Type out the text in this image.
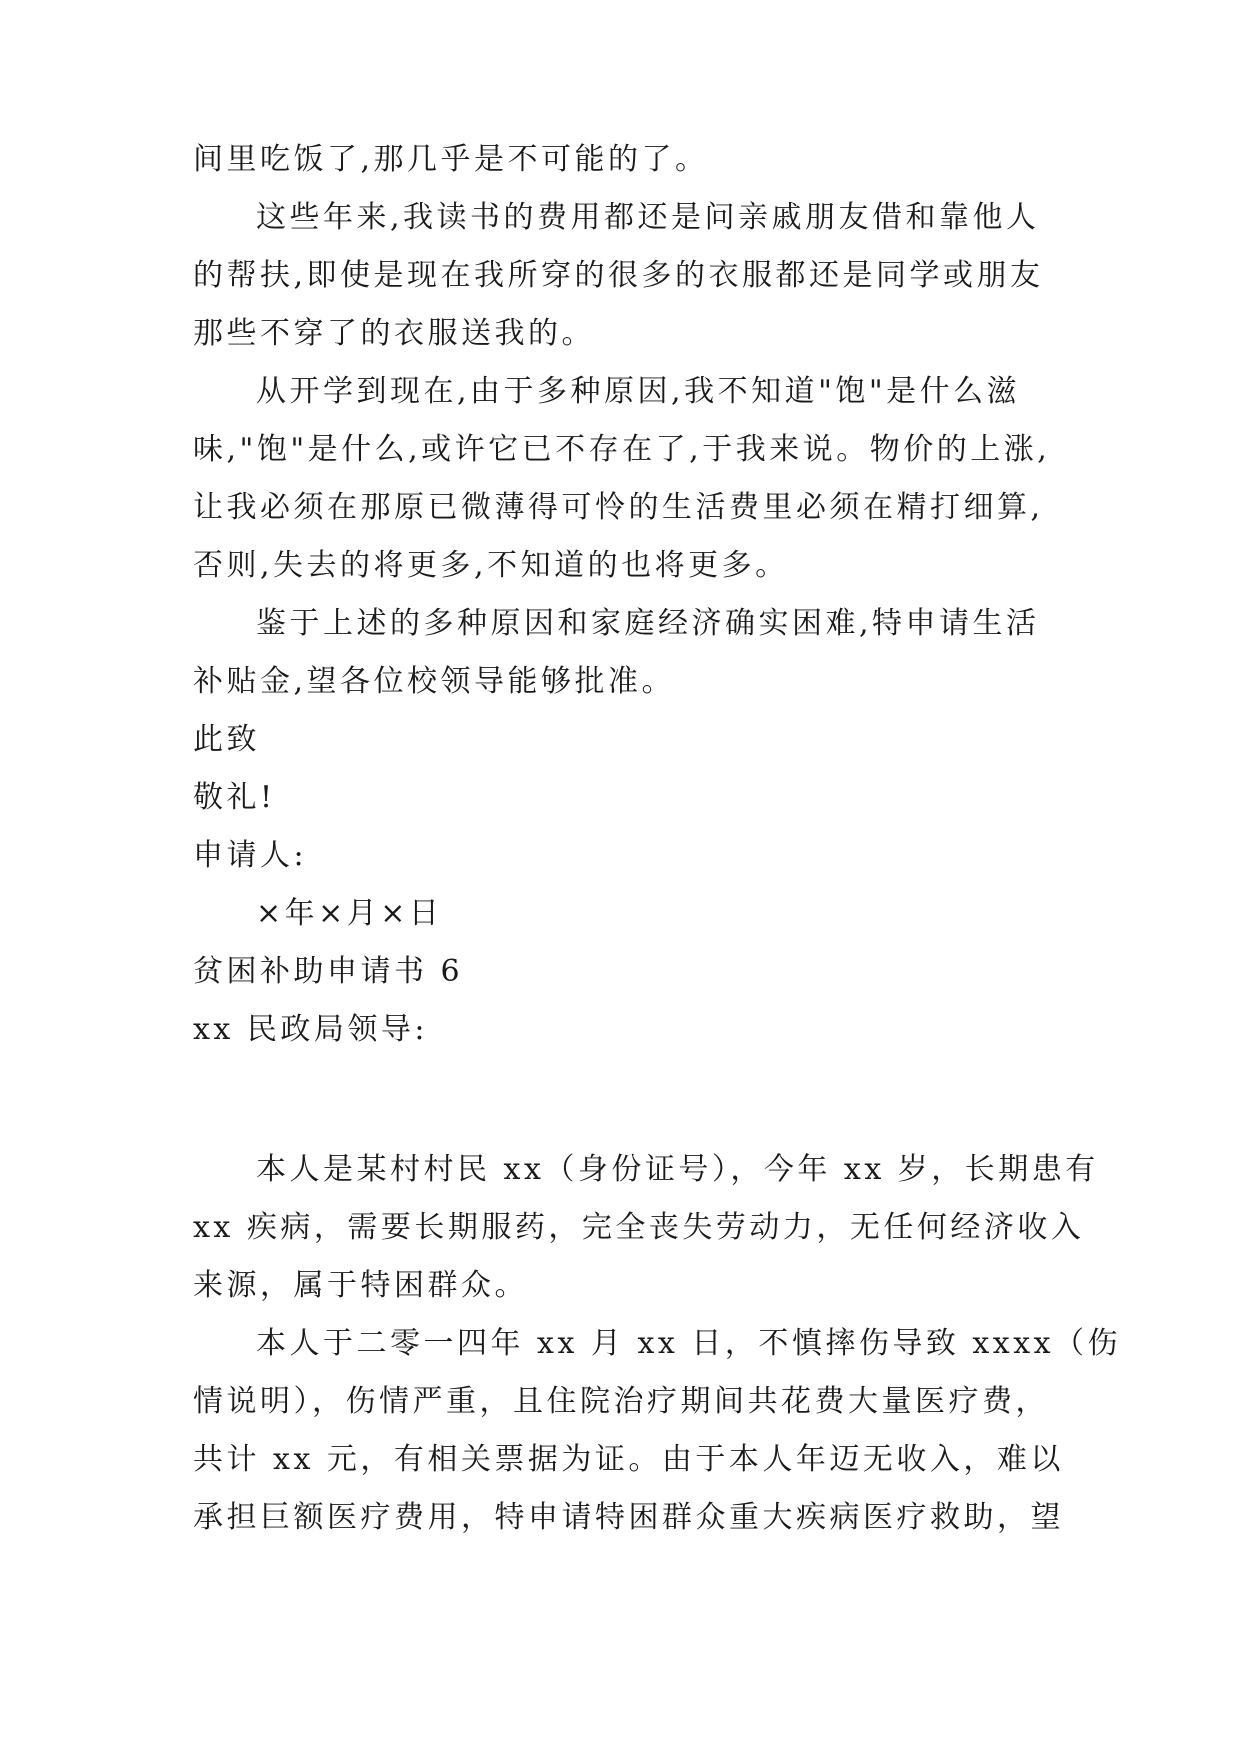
间里吃饭了,那几乎是不可能的了。
这些年来,我读书的费用都还是问亲戚朋友借和靠他人
的帮扶,即使是现在我所穿的很多的衣服都还是同学或朋友
那些不穿了的衣服送我的。
从开学到现在,由于多种原因,我不知道"饱"是什么滋
味,"饱"是什么,或许它已不存在了,于我来说。物价的上涨,
让我必须在那原已微薄得可怜的生活费里必须在精打细算,
否则,失去的将更多,不知道的也将更多。
鉴于上述的多种原因和家庭经济确实困难,特申请生活
补贴金,望各位校领导能够批准。
此致
敬礼!
申请人:
×年×月×日
贫困补助申请书 6
xx 民政局领导:
本人是某村村民 xx（身份证号），今年 xx 岁，长期患有
xx 疾病，需要长期服药，完全丧失劳动力，无任何经济收入
来源，属于特困群众。
本人于二零一四年 xx 月 xx 日，不慎摔伤导致 xxxx（伤
情说明），伤情严重，且住院治疗期间共花费大量医疗费，
共计 xx 元，有相关票据为证。由于本人年迈无收入，难以
承担巨额医疗费用，特申请特困群众重大疾病医疗救助，望
